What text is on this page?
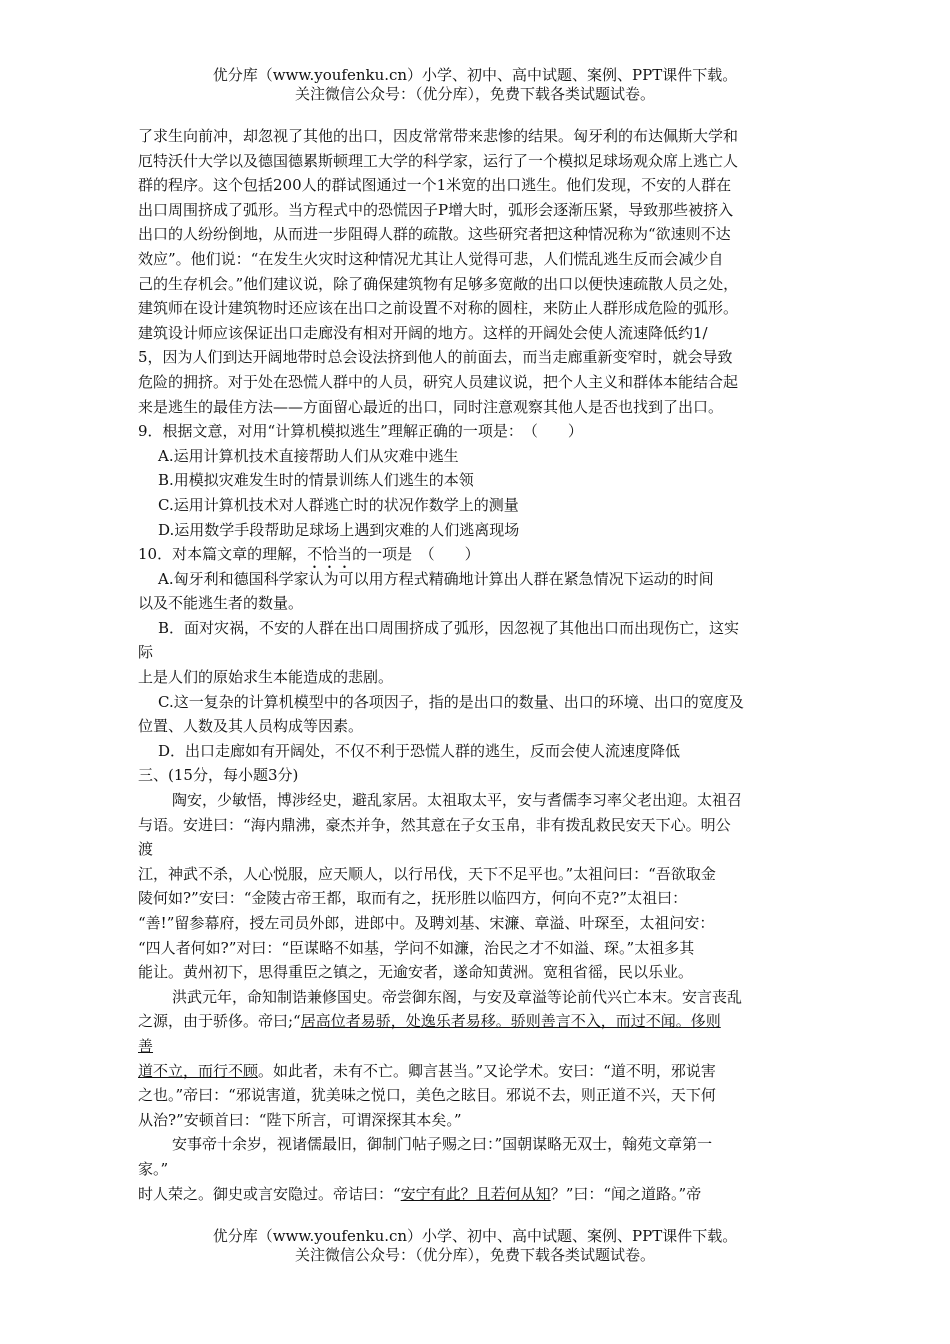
优分库（www.youfenku.cn）小学、初中、高中试题、案例、PPT课件下载。
关注微信公众号：（优分库），免费下载各类试题试卷。
了求生向前冲，却忽视了其他的出口，因皮常常带来悲惨的结果。匈牙利的布达佩斯大学和
厄特沃什大学以及德国德累斯顿理工大学的科学家，运行了一个模拟足球场观众席上逃亡人
群的程序。这个包括200人的群试图通过一个1米宽的出口逃生。他们发现，不安的人群在
出口周围挤成了弧形。当方程式中的恐慌因子P增大时，弧形会逐渐压紧，导致那些被挤入
出口的人纷纷倒地，从而进一步阻碍人群的疏散。这些研究者把这种情况称为“欲速则不达
效应”。他们说：“在发生火灾时这种情况尤其让人觉得可悲，人们慌乱逃生反而会减少自
己的生存机会。”他们建议说，除了确保建筑物有足够多宽敞的出口以便快速疏散人员之处，
建筑师在设计建筑物时还应该在出口之前设置不对称的圆柱，来防止人群形成危险的弧形。
建筑设计师应该保证出口走廊没有相对开阔的地方。这样的开阔处会使人流速降低约1/
5，因为人们到达开阔地带时总会设法挤到他人的前面去，而当走廊重新变窄时，就会导致
危险的拥挤。对于处在恐慌人群中的人员，研究人员建议说，把个人主义和群体本能结合起
来是逃生的最佳方法——方面留心最近的出口，同时注意观察其他人是否也找到了出口。
9．根据文意，对用“计算机模拟逃生”理解正确的一项是：　（　　）
A.运用计算机技术直接帮助人们从灾难中逃生
B.用模拟灾难发生时的情景训练人们逃生的本领
C.运用计算机技术对人群逃亡时的状况作数学上的测量
D.运用数学手段帮助足球场上遇到灾难的人们逃离现场
10．对本篇文章的理解，不恰当的一项是　（　　）
A.匈牙利和德国科学家认为可以用方程式精确地计算出人群在紧急情况下运动的时间
以及不能逃生者的数量。
B．面对灾祸，不安的人群在出口周围挤成了弧形，因忽视了其他出口而出现伤亡，这实
际
上是人们的原始求生本能造成的悲剧。
C.这一复杂的计算机模型中的各项因子，指的是出口的数量、出口的环境、出口的宽度及
位置、人数及其人员构成等因素。
D．出口走廊如有开阔处，不仅不利于恐慌人群的逃生，反而会使人流速度降低
三、(15分，每小题3分)
陶安，少敏悟，博涉经史，避乱家居。太祖取太平，安与耆儒李习率父老出迎。太祖召
与语。安进曰：“海内鼎沸，豪杰并争，然其意在子女玉帛，非有拨乱救民安天下心。明公
渡
江，神武不杀，人心悦服，应天顺人，以行吊伐，天下不足平也。”太祖问曰：“吾欲取金
陵何如?”安曰：“金陵古帝王都，取而有之，抚形胜以临四方，何向不克?”太祖曰：
“善!”留参幕府，授左司员外郎，进郎中。及聘刘基、宋濂、章溢、叶琛至，太祖问安：
“四人者何如?”对曰：“臣谋略不如基，学问不如濂，治民之才不如溢、琛。”太祖多其
能让。黄州初下，思得重臣之镇之，无逾安者，遂命知黄洲。宽租省徭，民以乐业。
洪武元年，命知制诰兼修国史。帝尝御东阁，与安及章溢等论前代兴亡本末。安言丧乱
之源，由于骄侈。帝曰;“居高位者易骄，处逸乐者易移。骄则善言不入，而过不闻。侈则
善
道不立，而行不顾。如此者，未有不亡。卿言甚当。”又论学术。安曰：“道不明，邪说害
之也。”帝曰：“邪说害道，犹美味之悦口，美色之眩目。邪说不去，则正道不兴，天下何
从治?”安顿首曰：“陛下所言，可谓深探其本矣。”
安事帝十余岁，视诸儒最旧，御制门帖子赐之曰：”国朝谋略无双士，翰苑文章第一
家。”
时人荣之。御史或言安隐过。帝诘曰：“安宁有此？且若何从知？”曰：“闻之道路。”帝
优分库（www.youfenku.cn）小学、初中、高中试题、案例、PPT课件下载。
关注微信公众号：（优分库），免费下载各类试题试卷。
